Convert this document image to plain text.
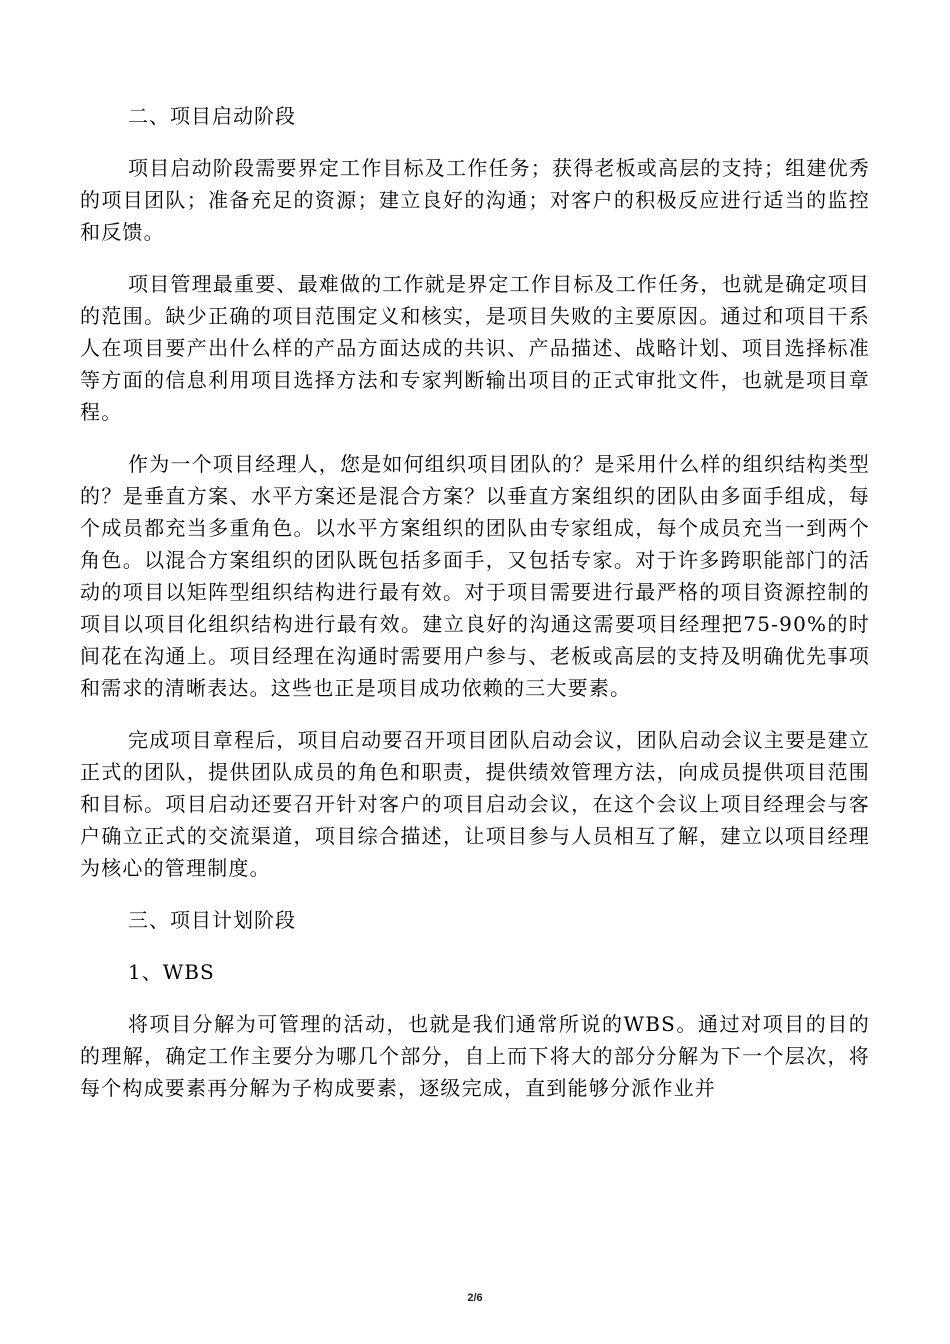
二、项目启动阶段

项目启动阶段需要界定工作目标及工作任务；获得老板或高层的支持；组建优秀的项目团队；准备充足的资源；建立良好的沟通；对客户的积极反应进行适当的监控和反馈。

项目管理最重要、最难做的工作就是界定工作目标及工作任务，也就是确定项目的范围。缺少正确的项目范围定义和核实，是项目失败的主要原因。通过和项目干系人在项目要产出什么样的产品方面达成的共识、产品描述、战略计划、项目选择标准等方面的信息利用项目选择方法和专家判断输出项目的正式审批文件，也就是项目章程。

作为一个项目经理人，您是如何组织项目团队的？是采用什么样的组织结构类型的？是垂直方案、水平方案还是混合方案？以垂直方案组织的团队由多面手组成，每个成员都充当多重角色。以水平方案组织的团队由专家组成，每个成员充当一到两个角色。以混合方案组织的团队既包括多面手，又包括专家。对于许多跨职能部门的活动的项目以矩阵型组织结构进行最有效。对于项目需要进行最严格的项目资源控制的项目以项目化组织结构进行最有效。建立良好的沟通这需要项目经理把75-90%的时间花在沟通上。项目经理在沟通时需要用户参与、老板或高层的支持及明确优先事项和需求的清晰表达。这些也正是项目成功依赖的三大要素。

完成项目章程后，项目启动要召开项目团队启动会议，团队启动会议主要是建立正式的团队，提供团队成员的角色和职责，提供绩效管理方法，向成员提供项目范围和目标。项目启动还要召开针对客户的项目启动会议，在这个会议上项目经理会与客户确立正式的交流渠道，项目综合描述，让项目参与人员相互了解，建立以项目经理为核心的管理制度。

三、项目计划阶段

1、WBS

将项目分解为可管理的活动，也就是我们通常所说的WBS。通过对项目的目的的理解，确定工作主要分为哪几个部分，自上而下将大的部分分解为下一个层次，将每个构成要素再分解为子构成要素，逐级完成，直到能够分派作业并

2/6
